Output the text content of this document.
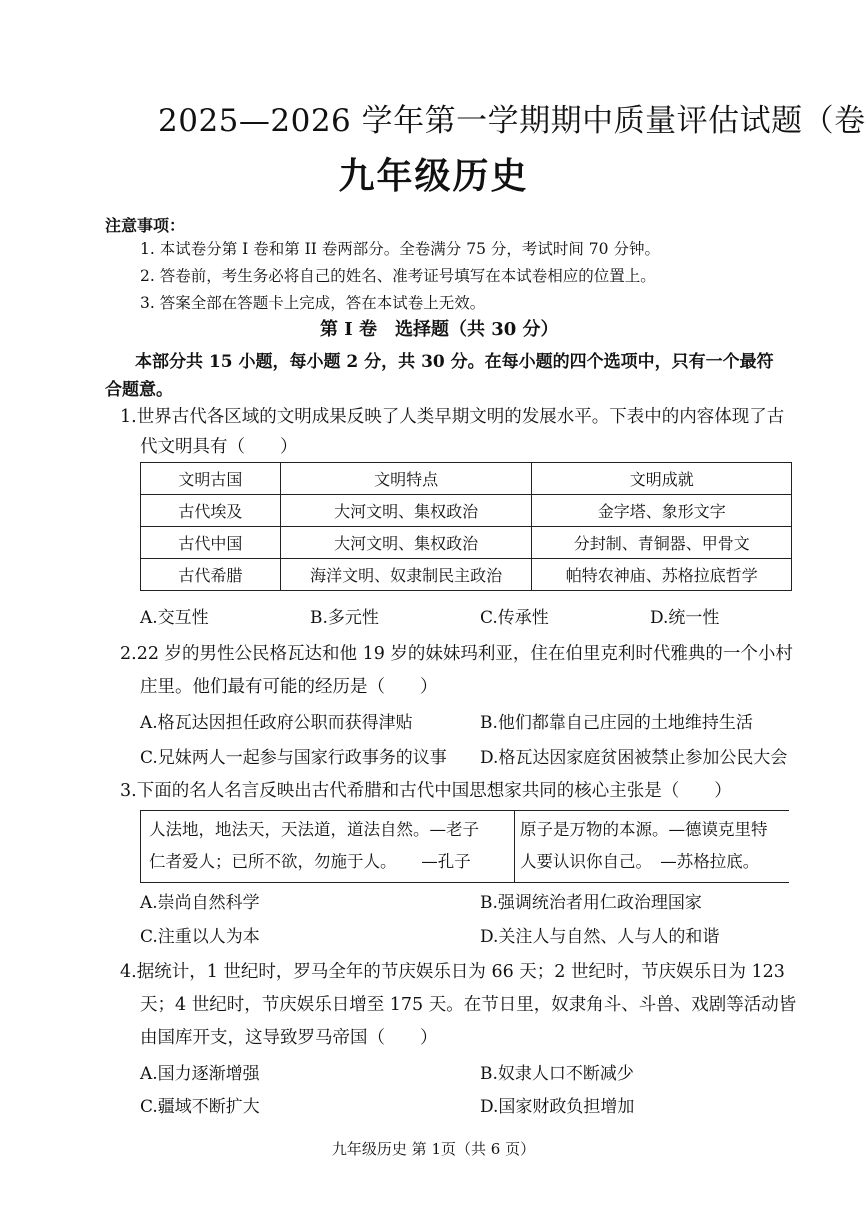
2025—2026 学年第一学期期中质量评估试题（卷
九年级历史
注意事项：
1. 本试卷分第 I 卷和第 II 卷两部分。全卷满分 75 分，考试时间 70 分钟。
2. 答卷前，考生务必将自己的姓名、准考证号填写在本试卷相应的位置上。
3. 答案全部在答题卡上完成，答在本试卷上无效。
第 I 卷　选择题（共 30 分）
本部分共 15 小题，每小题 2 分，共 30 分。在每小题的四个选项中，只有一个最符
合题意。
1.世界古代各区域的文明成果反映了人类早期文明的发展水平。下表中的内容体现了古
代文明具有（　　）
文明古国	文明特点	文明成就
古代埃及	大河文明、集权政治	金字塔、象形文字
古代中国	大河文明、集权政治	分封制、青铜器、甲骨文
古代希腊	海洋文明、奴隶制民主政治	帕特农神庙、苏格拉底哲学
A.交互性	B.多元性	C.传承性	D.统一性
2.22 岁的男性公民格瓦达和他 19 岁的妹妹玛利亚，住在伯里克利时代雅典的一个小村
庄里。他们最有可能的经历是（　　）
A.格瓦达因担任政府公职而获得津贴	B.他们都靠自己庄园的土地维持生活
C.兄妹两人一起参与国家行政事务的议事 D.格瓦达因家庭贫困被禁止参加公民大会
3.下面的名人名言反映出古代希腊和古代中国思想家共同的核心主张是（　　）
人法地，地法天，天法道，道法自然。—老子
仁者爱人；已所不欲，勿施于人。　　—孔子
原子是万物的本源。—德谟克里特
人要认识你自己。　—苏格拉底。
A.崇尚自然科学	B.强调统治者用仁政治理国家
C.注重以人为本	D.关注人与自然、人与人的和谐
4.据统计，1 世纪时，罗马全年的节庆娱乐日为 66 天；2 世纪时，节庆娱乐日为 123
天；4 世纪时，节庆娱乐日增至 175 天。在节日里，奴隶角斗、斗兽、戏剧等活动皆
由国库开支，这导致罗马帝国（　　）
A.国力逐渐增强	B.奴隶人口不断减少
C.疆域不断扩大	D.国家财政负担增加
九年级历史 第 1页（共 6 页）
